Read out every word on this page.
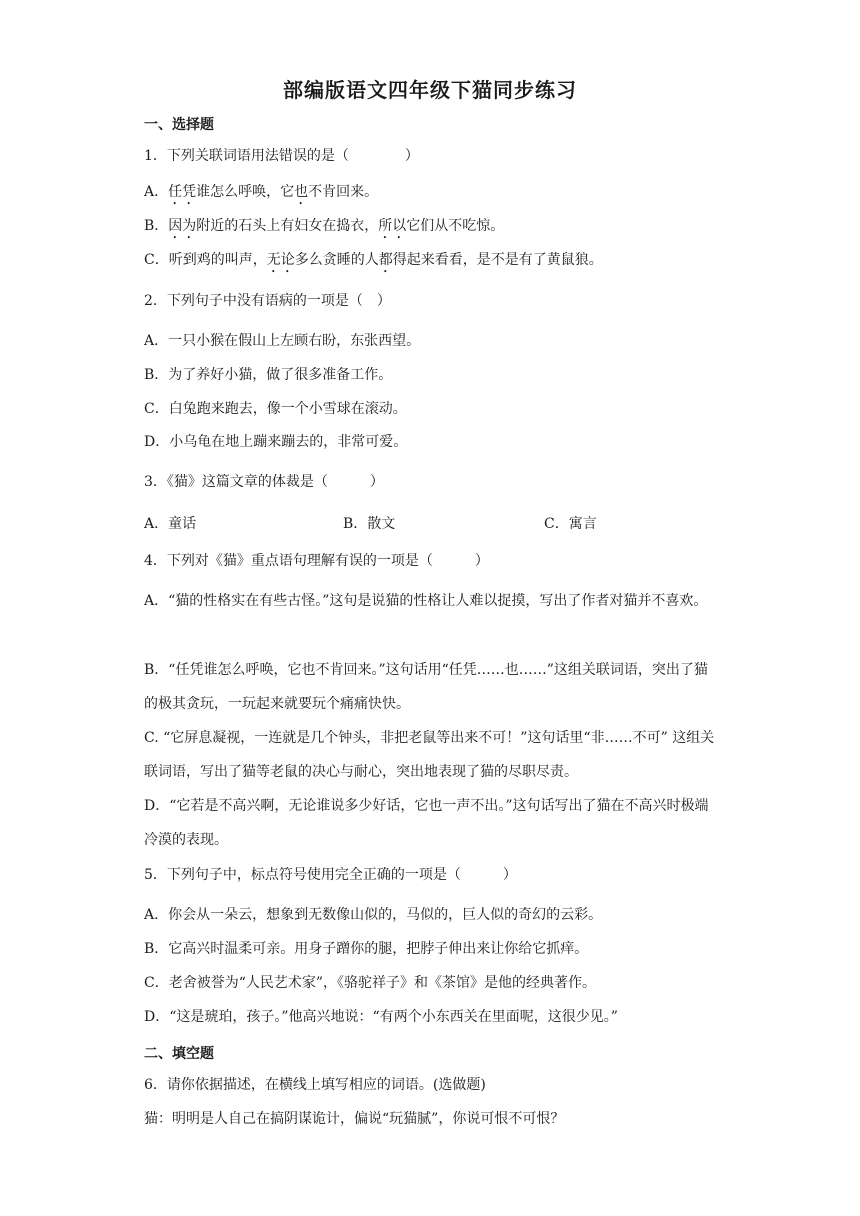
部编版语文四年级下猫同步练习
一、选择题
1．下列关联词语用法错误的是（　　　　）
A．任凭谁怎么呼唤，它也不肯回来。
B．因为附近的石头上有妇女在捣衣，所以它们从不吃惊。
C．听到鸡的叫声，无论多么贪睡的人都得起来看看，是不是有了黄鼠狼。
2．下列句子中没有语病的一项是（　）
A．一只小猴在假山上左顾右盼，东张西望。
B．为了养好小猫，做了很多准备工作。
C．白兔跑来跑去，像一个小雪球在滚动。
D．小乌龟在地上蹦来蹦去的，非常可爱。
3．《猫》这篇文章的体裁是（　　　）
A．童话	B．散文	C．寓言
4．下列对《猫》重点语句理解有误的一项是（　　　）
A．“猫的性格实在有些古怪。”这句是说猫的性格让人难以捉摸，写出了作者对猫并不喜欢。
B．“任凭谁怎么呼唤，它也不肯回来。”这句话用“任凭……也……”这组关联词语，突出了猫的极其贪玩，一玩起来就要玩个痛痛快快。
C. “它屏息凝视，一连就是几个钟头，非把老鼠等出来不可！”这句话里“非……不可” 这组关联词语，写出了猫等老鼠的决心与耐心，突出地表现了猫的尽职尽责。
D．“它若是不高兴啊，无论谁说多少好话，它也一声不出。”这句话写出了猫在不高兴时极端冷漠的表现。
5．下列句子中，标点符号使用完全正确的一项是（　　　）
A．你会从一朵云，想象到无数像山似的，马似的，巨人似的奇幻的云彩。
B．它高兴时温柔可亲。用身子蹭你的腿，把脖子伸出来让你给它抓痒。
C．老舍被誉为“人民艺术家”，《骆驼祥子》和《茶馆》是他的经典著作。
D．“这是琥珀，孩子。”他高兴地说：“有两个小东西关在里面呢，这很少见。”
二、填空题
6．请你依据描述，在横线上填写相应的词语。(选做题)
猫：明明是人自己在搞阴谋诡计，偏说“玩猫腻”，你说可恨不可恨？
